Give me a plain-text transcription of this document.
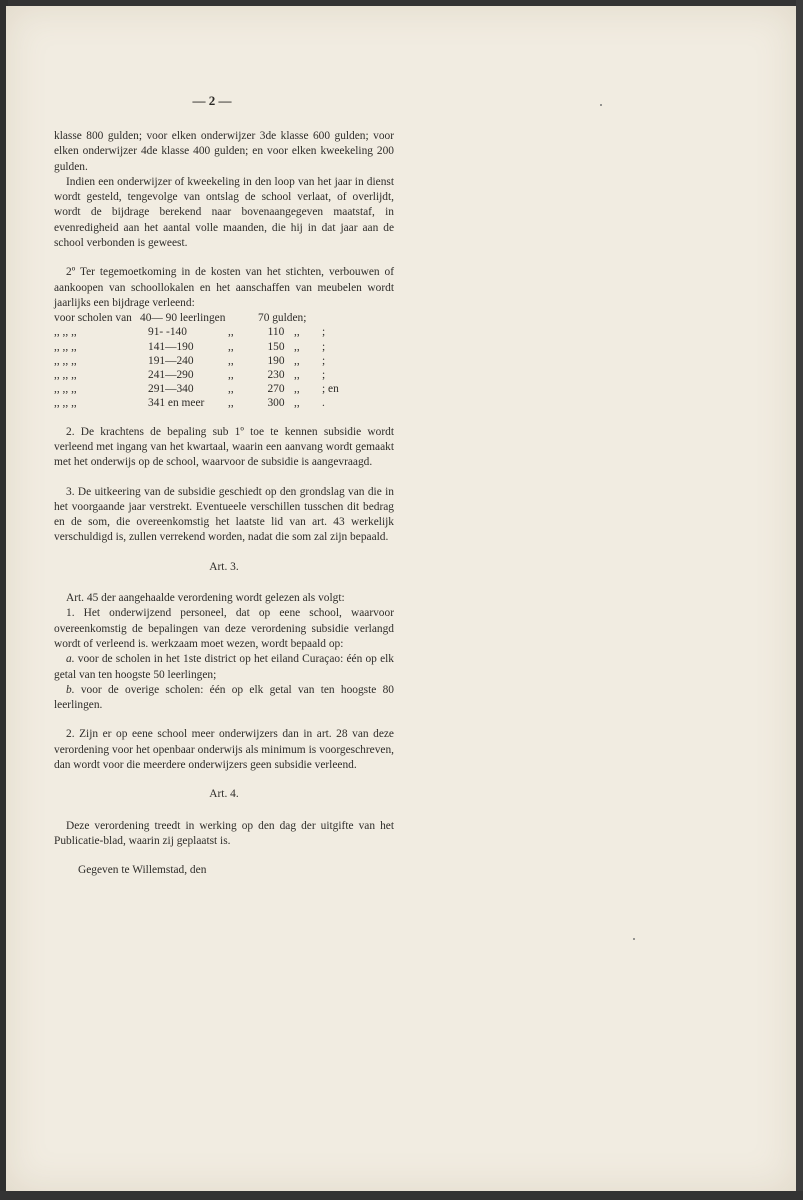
— 2 —

klasse 800 gulden; voor elken onderwijzer 3de klasse 600 gulden; voor elken onderwijzer 4de klasse 400 gulden; en voor elken kweekeling 200 gulden.

Indien een onderwijzer of kweekeling in den loop van het jaar in dienst wordt gesteld, tengevolge van ontslag de school verlaat, of overlijdt, wordt de bijdrage berekend naar bovenaangegeven maatstaf, in evenredigheid aan het aantal volle maanden, die hij in dat jaar aan de school verbonden is geweest.

2º Ter tegemoetkoming in de kosten van het stichten, verbouwen of aankoopen van schoollokalen en het aanschaffen van meubelen wordt jaarlijks een bijdrage verleend:

voor scholen van	40— 90 leerlingen		70 gulden;		
,, ,, ,,	91- -140	,,	110	,,	;
,, ,, ,,	141—190	,,	150	,,	;
,, ,, ,,	191—240	,,	190	,,	;
,, ,, ,,	241—290	,,	230	,,	;
,, ,, ,,	291—340	,,	270	,,	; en
,, ,, ,,	341 en meer	,,	300	,,	.

2. De krachtens de bepaling sub 1º toe te kennen subsidie wordt verleend met ingang van het kwartaal, waarin een aanvang wordt gemaakt met het onderwijs op de school, waarvoor de subsidie is aangevraagd.

3. De uitkeering van de subsidie geschiedt op den grondslag van die in het voorgaande jaar verstrekt. Eventueele verschillen tusschen dit bedrag en de som, die overeenkomstig het laatste lid van art. 43 werkelijk verschuldigd is, zullen verrekend worden, nadat die som zal zijn bepaald.

Art. 3.

Art. 45 der aangehaalde verordening wordt gelezen als volgt:

1. Het onderwijzend personeel, dat op eene school, waarvoor overeenkomstig de bepalingen van deze verordening subsidie verlangd wordt of verleend is. werkzaam moet wezen, wordt bepaald op:

a. voor de scholen in het 1ste district op het eiland Curaçao: één op elk getal van ten hoogste 50 leerlingen;

b. voor de overige scholen: één op elk getal van ten hoogste 80 leerlingen.

2. Zijn er op eene school meer onderwijzers dan in art. 28 van deze verordening voor het openbaar onderwijs als minimum is voorgeschreven, dan wordt voor die meerdere onderwijzers geen subsidie verleend.

Art. 4.

Deze verordening treedt in werking op den dag der uitgifte van het Publicatie-blad, waarin zij geplaatst is.

Gegeven te Willemstad, den
